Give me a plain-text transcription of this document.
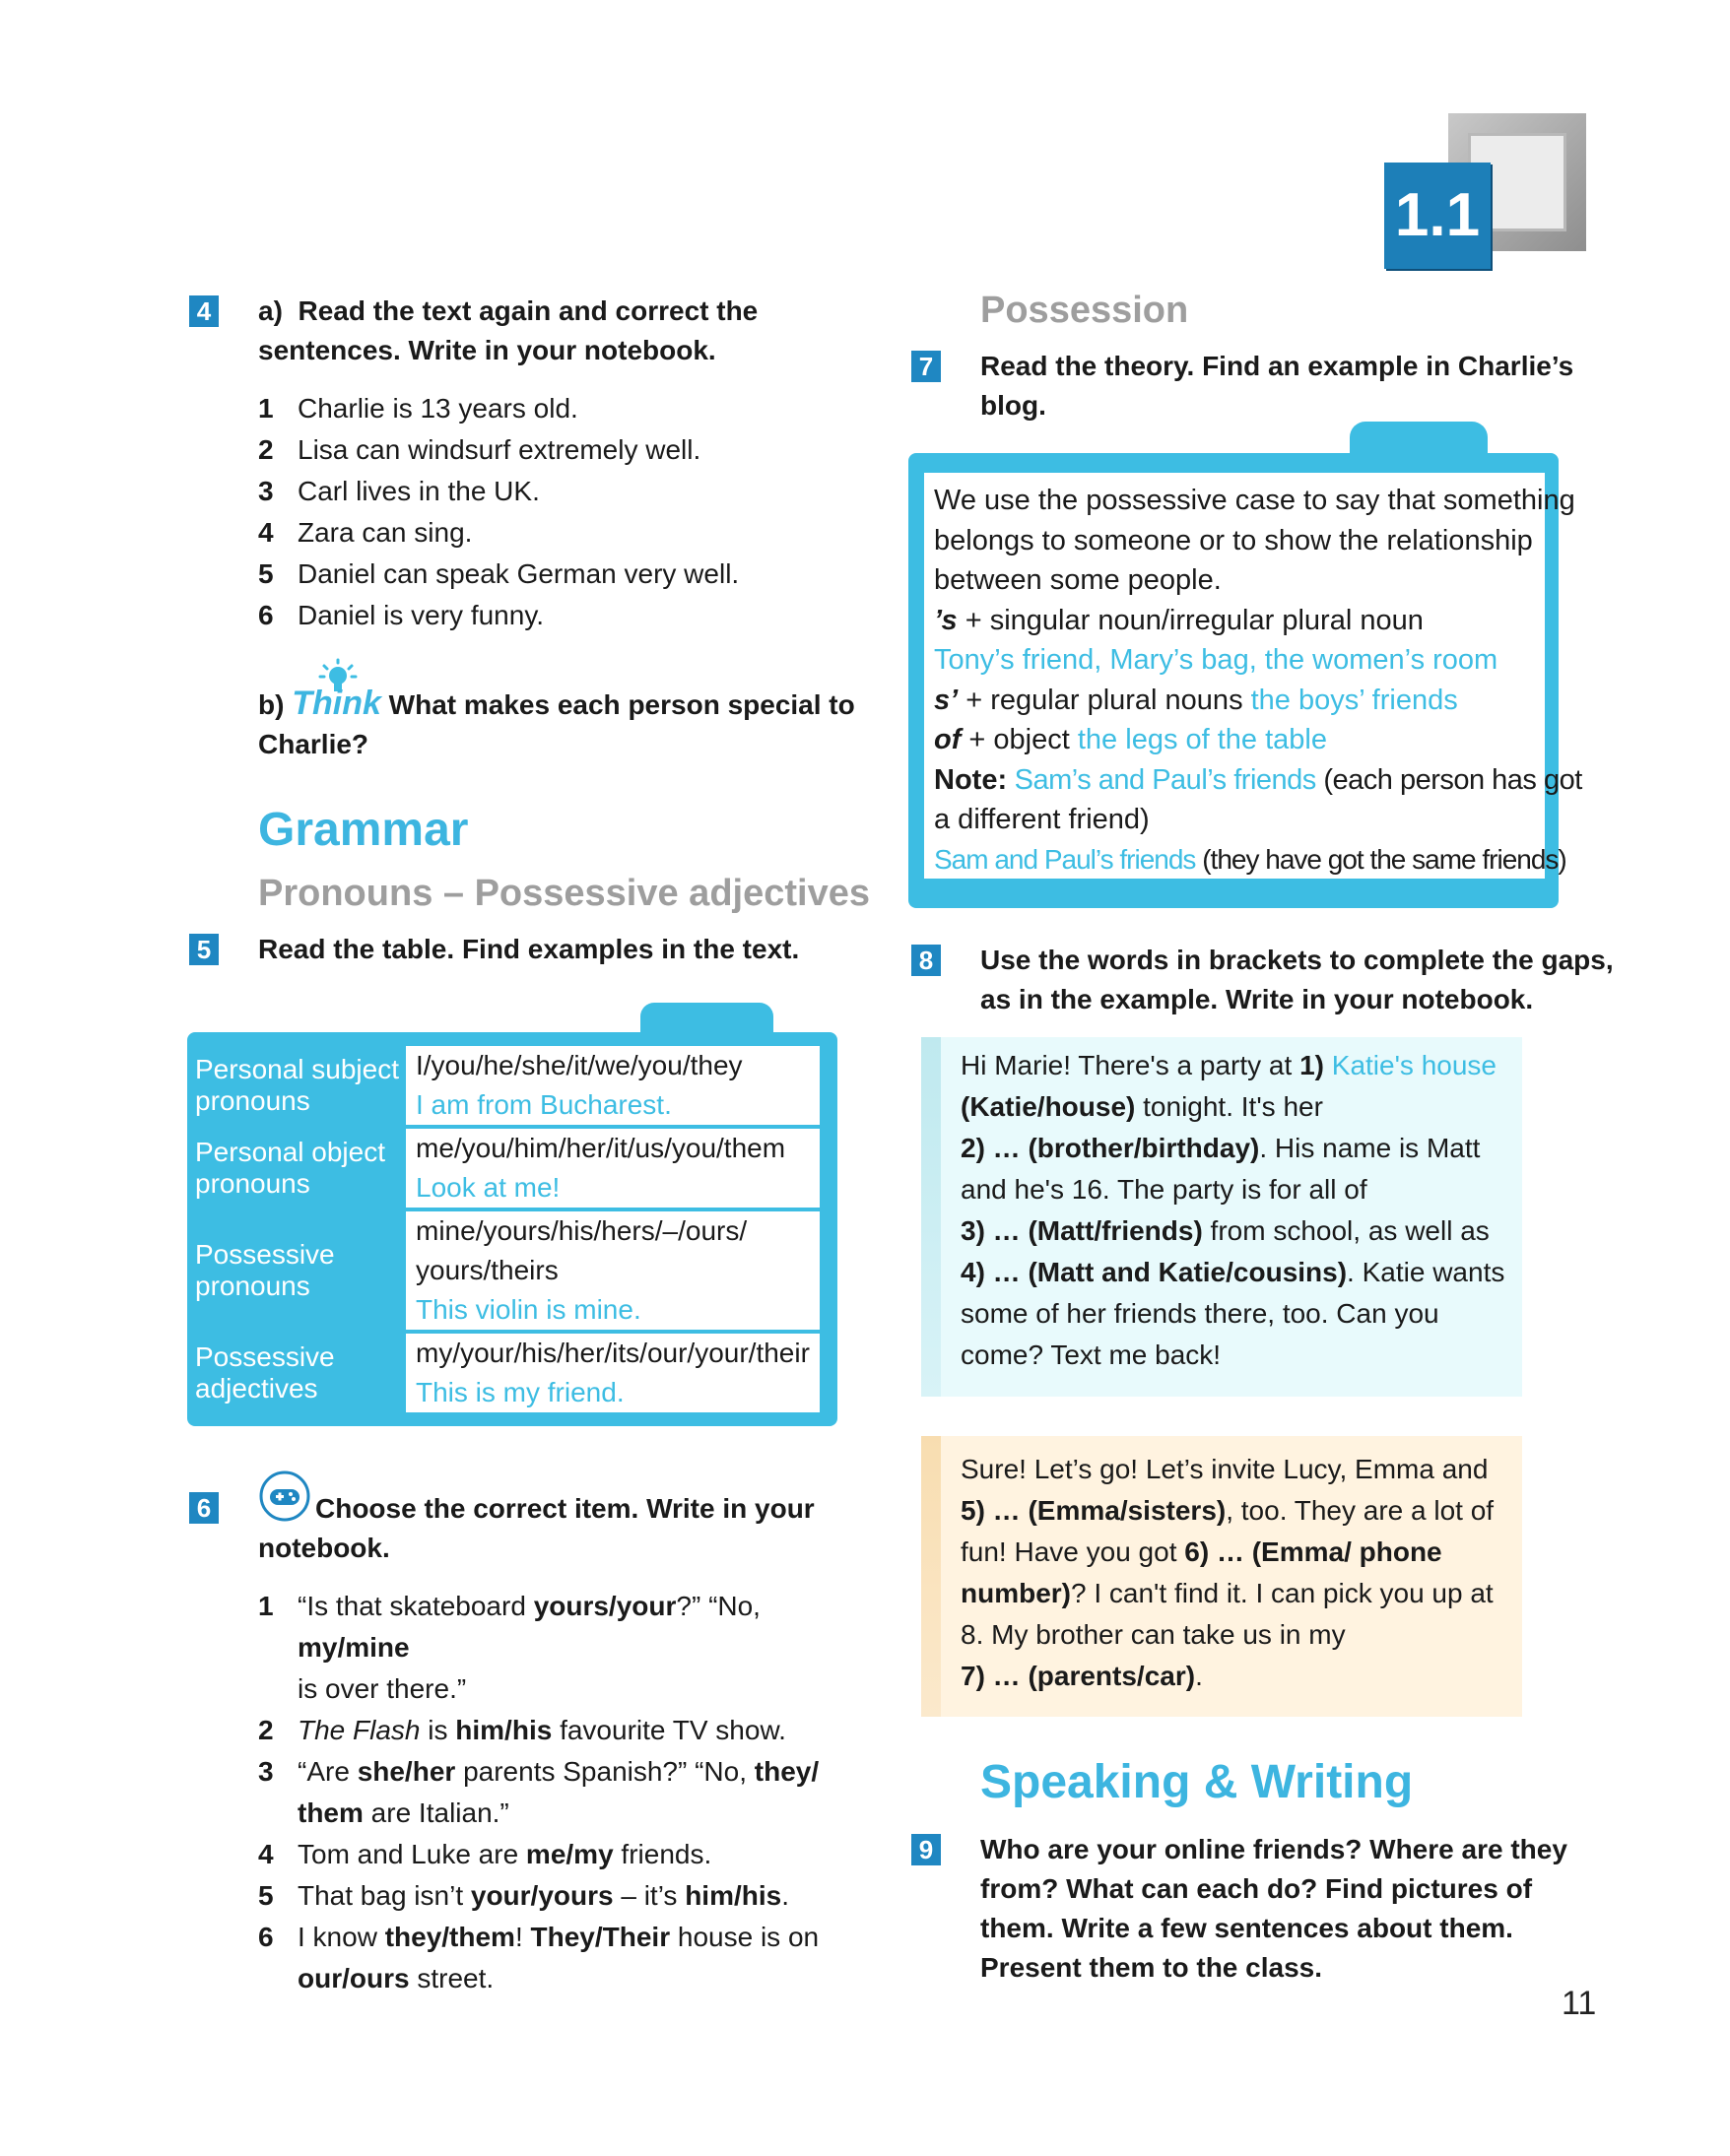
1.1
4 a) Read the text again and correct the
sentences. Write in your notebook.
1 Charlie is 13 years old.
2 Lisa can windsurf extremely well.
3 Carl lives in the UK.
4 Zara can sing.
5 Daniel can speak German very well.
6 Daniel is very funny.
b) Think What makes each person special to
Charlie?
Grammar
Pronouns – Possessive adjectives
5 Read the table. Find examples in the text.
Personal subject
pronouns
I/you/he/she/it/we/you/they
I am from Bucharest.
Personal object
pronouns
me/you/him/her/it/us/you/them
Look at me!
Possessive
pronouns
mine/yours/his/hers/–/ours/
yours/theirs
This violin is mine.
Possessive
adjectives
my/your/his/her/its/our/your/their
This is my friend.
6	Choose the correct item. Write in your
notebook.
1 “Is that skateboard yours/your?” “No, my/mine
is over there.”
2 The Flash is him/his favourite TV show.
3 “Are she/her parents Spanish?” “No, they/
them are Italian.”
4 Tom and Luke are me/my friends.
5 That bag isn’t your/yours – it’s him/his.
6 I know they/them! They/Their house is on
our/ours street.
Possession
7 Read the theory. Find an example in Charlie’s
blog.
We use the possessive case to say that something
belongs to someone or to show the relationship
between some people.
’s + singular noun/irregular plural noun
Tony’s friend, Mary’s bag, the women’s room
s’ + regular plural nouns the boys’ friends
of + object the legs of the table
Note: Sam’s and Paul’s friends (each person has got
a different friend)
Sam and Paul’s friends (they have got the same friends)
8 Use the words in brackets to complete the gaps,
as in the example. Write in your notebook.
Hi Marie! There's a party at 1) Katie's house
(Katie/house) tonight. It's her
2) … (brother/birthday). His name is Matt
and he's 16. The party is for all of
3) … (Matt/friends) from school, as well as
4) … (Matt and Katie/cousins). Katie wants
some of her friends there, too. Can you
come? Text me back!
Sure! Let’s go! Let’s invite Lucy, Emma and
5) … (Emma/sisters), too. They are a lot of
fun! Have you got 6) … (Emma/ phone
number)? I can't find it. I can pick you up at
8. My brother can take us in my
7) … (parents/car).
Speaking & Writing
9 Who are your online friends? Where are they
from? What can each do? Find pictures of
them. Write a few sentences about them.
Present them to the class.
11
